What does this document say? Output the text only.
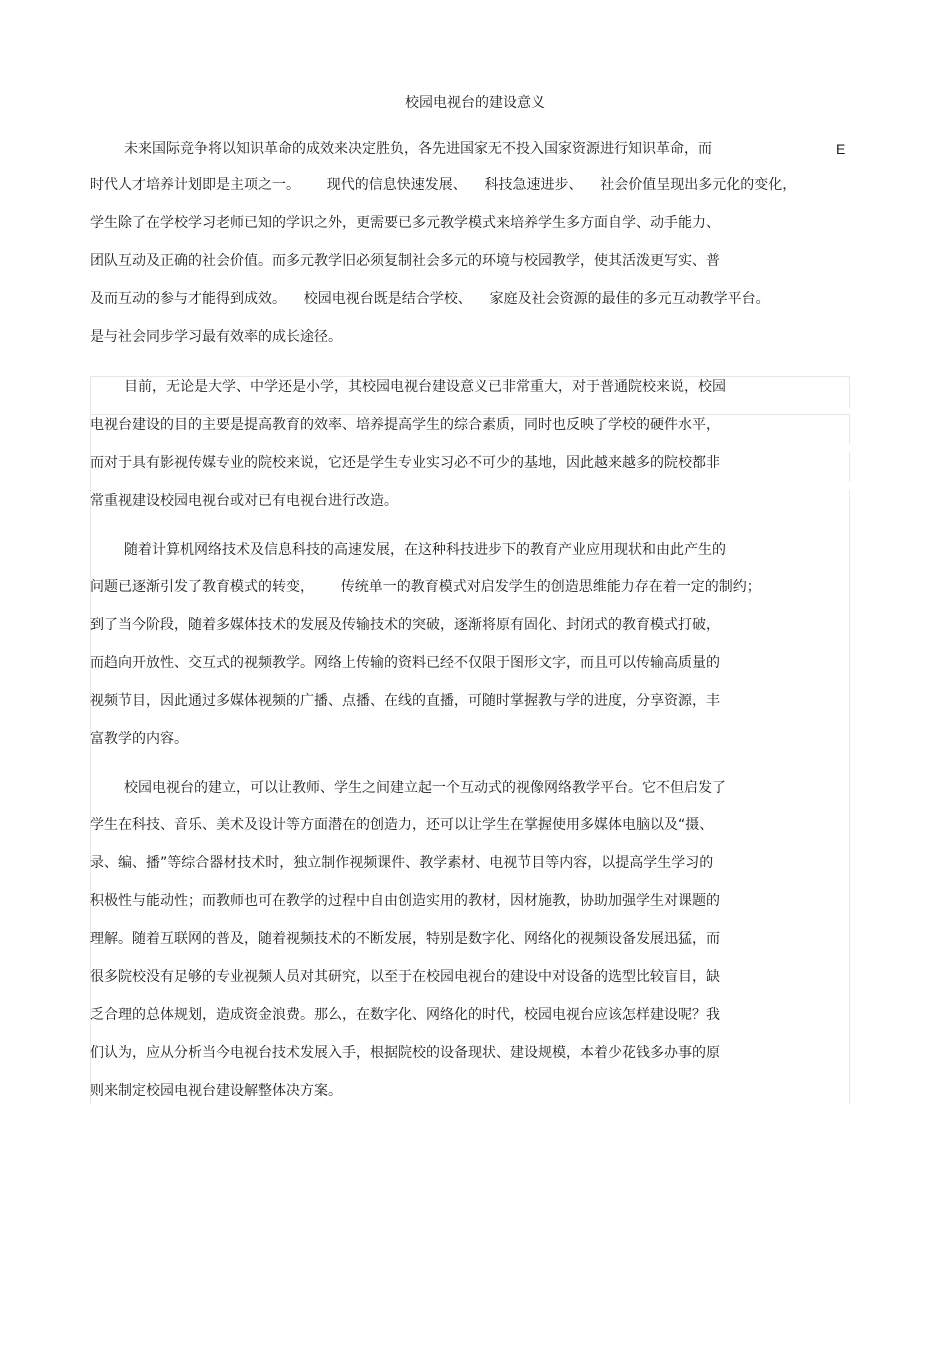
校园电视台的建设意义
E
未来国际竞争将以知识革命的成效来决定胜负，各先进国家无不投入国家资源进行知识革命，而
时代人才培养计划即是主项之一。      现代的信息快速发展、    科技急速进步、    社会价值呈现出多元化的变化，
学生除了在学校学习老师已知的学识之外，更需要已多元教学模式来培养学生多方面自学、动手能力、
团队互动及正确的社会价值。而多元教学旧必须复制社会多元的环境与校园教学，使其活泼更写实、普
及而互动的参与才能得到成效。    校园电视台既是结合学校、    家庭及社会资源的最佳的多元互动教学平台。
是与社会同步学习最有效率的成长途径。
目前，无论是大学、中学还是小学，其校园电视台建设意义已非常重大，对于普通院校来说，校园
电视台建设的目的主要是提高教育的效率、培养提高学生的综合素质，同时也反映了学校的硬件水平，
而对于具有影视传媒专业的院校来说，它还是学生专业实习必不可少的基地，因此越来越多的院校都非
常重视建设校园电视台或对已有电视台进行改造。
随着计算机网络技术及信息科技的高速发展，在这种科技进步下的教育产业应用现状和由此产生的
问题已逐渐引发了教育模式的转变，      传统单一的教育模式对启发学生的创造思维能力存在着一定的制约；
到了当今阶段，随着多媒体技术的发展及传输技术的突破，逐渐将原有固化、封闭式的教育模式打破，
而趋向开放性、交互式的视频教学。网络上传输的资料已经不仅限于图形文字，而且可以传输高质量的
视频节目，因此通过多媒体视频的广播、点播、在线的直播，可随时掌握教与学的进度，分享资源，丰
富教学的内容。
校园电视台的建立，可以让教师、学生之间建立起一个互动式的视像网络教学平台。它不但启发了
学生在科技、音乐、美术及设计等方面潜在的创造力，还可以让学生在掌握使用多媒体电脑以及“摄、
录、编、播”等综合器材技术时，独立制作视频课件、教学素材、电视节目等内容，以提高学生学习的
积极性与能动性；而教师也可在教学的过程中自由创造实用的教材，因材施教，协助加强学生对课题的
理解。随着互联网的普及，随着视频技术的不断发展，特别是数字化、网络化的视频设备发展迅猛，而
很多院校没有足够的专业视频人员对其研究，以至于在校园电视台的建设中对设备的选型比较盲目，缺
乏合理的总体规划，造成资金浪费。那么，在数字化、网络化的时代，校园电视台应该怎样建设呢？我
们认为，应从分析当今电视台技术发展入手，根据院校的设备现状、建设规模，本着少花钱多办事的原
则来制定校园电视台建设解整体决方案。
